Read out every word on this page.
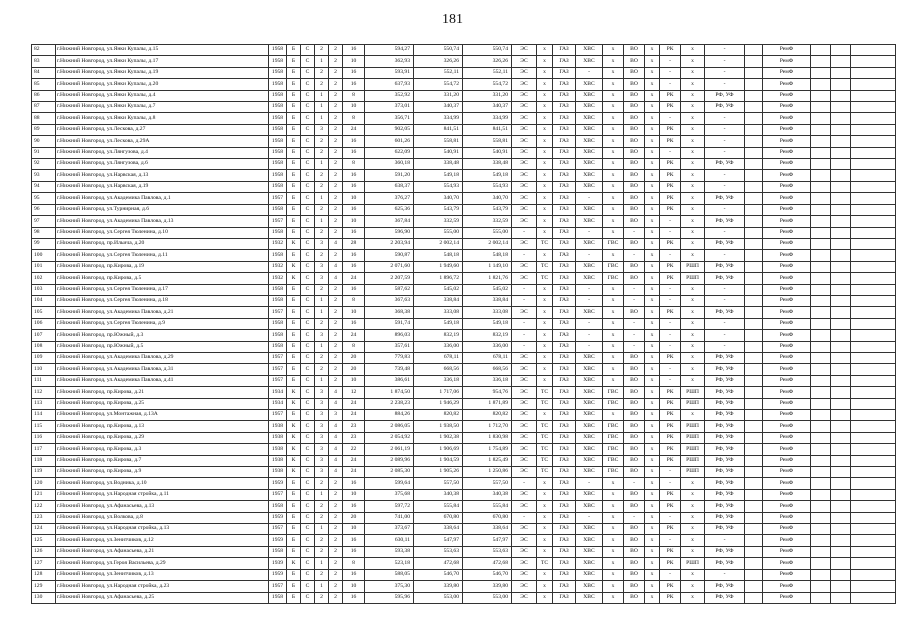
181
82	г.Нижний Новгород, ул.Янки Купалы, д.15	1958	Б	С	2	2	16	594,27	550,74	550,74	ЭС	х	ГАЗ	ХВС	х	ВО	х	РК	х	-		РемФ			
83	г.Нижний Новгород, ул.Янки Купалы, д.17	1958	Б	С	1	2	10	362,93	326,26	326,26	ЭС	х	ГАЗ	ХВС	х	ВО	х	-	х	-		РемФ			
84	г.Нижний Новгород, ул.Янки Купалы, д.19	1958	Б	С	2	2	16	593,91	552,11	552,11	ЭС	х	ГАЗ	-	х	ВО	х	-	х	-		РемФ			
85	г.Нижний Новгород, ул.Янки Купалы, д.20	1958	Б	С	2	2	16	637,93	554,72	554,72	ЭС	х	ГАЗ	ХВС	х	ВО	х	-	х	-		РемФ			
86	г.Нижний Новгород, ул.Янки Купалы, д.4	1958	Б	С	1	2	8	352,92	331,20	331,20	ЭС	х	ГАЗ	ХВС	х	ВО	х	РК	х	РФ, УФ		РемФ			
87	г.Нижний Новгород, ул.Янки Купалы, д.7	1958	Б	С	1	2	10	373,01	340,37	340,37	ЭС	х	ГАЗ	ХВС	х	ВО	х	РК	х	РФ, УФ		РемФ			
88	г.Нижний Новгород, ул.Янки Купалы, д.8	1958	Б	С	1	2	8	356,71	334,99	334,99	ЭС	х	ГАЗ	ХВС	х	ВО	х	-	х	-		РемФ			
89	г.Нижний Новгород, ул.Лескова, д.27	1958	Б	С	3	2	24	902,05	841,51	841,51	ЭС	х	ГАЗ	ХВС	х	ВО	х	РК	х	-		РемФ			
90	г.Нижний Новгород, ул.Лескова, д.29А	1958	Б	С	2	2	16	601,26	558,81	558,81	ЭС	х	ГАЗ	ХВС	х	ВО	х	РК	х	-		РемФ			
91	г.Нижний Новгород, ул.Лянгузова, д.4	1958	Б	С	2	2	16	622,09	540,91	540,91	ЭС	х	ГАЗ	ХВС	х	ВО	х	-	х	-		РемФ			
92	г.Нижний Новгород, ул.Лянгузова, д.6	1958	Б	С	1	2	8	360,18	338,48	338,48	ЭС	х	ГАЗ	ХВС	х	ВО	х	РК	х	РФ, УФ		РемФ			
93	г.Нижний Новгород, ул.Нарвская, д.13	1958	Б	С	2	2	16	591,20	549,18	549,18	ЭС	х	ГАЗ	ХВС	х	ВО	х	РК	х	-		РемФ			
94	г.Нижний Новгород, ул.Нарвская, д.19	1958	Б	С	2	2	16	638,37	554,93	554,93	ЭС	х	ГАЗ	ХВС	х	ВО	х	РК	х	-		РемФ			
95	г.Нижний Новгород, ул.Академика Павлова, д.1	1957	Б	С	1	2	10	376,27	340,70	340,70	ЭС	х	ГАЗ	-	х	ВО	х	РК	х	РФ, УФ		РемФ			
96	г.Нижний Новгород, ул.Турнирная, д.6	1958	Б	С	2	2	16	625,36	543,79	543,79	ЭС	х	ГАЗ	ХВС	х	ВО	х	РК	х	-		РемФ			
97	г.Нижний Новгород, ул.Академика Павлова, д.13	1957	Б	С	1	2	10	367,84	332,59	332,59	ЭС	х	ГАЗ	ХВС	х	ВО	х	-	х	РФ, УФ		РемФ			
98	г.Нижний Новгород, ул.Сергея Тюленина, д.10	1958	Б	С	2	2	16	596,90	555,00	555,00	-	х	ГАЗ	-	х	-	х	-	х	-		РемФ			
99	г.Нижний Новгород, пр.Ильича, д.20	1932	К	С	3	4	28	2 203,94	2 002,14	2 002,14	ЭС	ТС	ГАЗ	ХВС	ГВС	ВО	х	РК	х	РФ, УФ		РемФ			
100	г.Нижний Новгород, ул.Сергея Тюленина, д.11	1958	Б	С	2	2	16	590,87	548,18	548,18	-	х	ГАЗ	-	х	-	х	-	х	-		РемФ			
101	г.Нижний Новгород, пр.Кирова, д.19	1932	К	С	3	4	16	2 071,60	1 949,60	1 149,10	ЭС	ТС	ГАЗ	ХВС	ГВС	ВО	х	РК	РШП	РФ, УФ		РемФ			
102	г.Нижний Новгород, пр.Кирова, д.5	1932	К	С	3	4	24	2 207,59	1 896,72	1 821,76	ЭС	ТС	ГАЗ	ХВС	ГВС	ВО	х	РК	РШП	РФ, УФ		РемФ			
103	г.Нижний Новгород, ул.Сергея Тюленина, д.17	1958	Б	С	2	2	16	587,62	545,02	545,02	-	х	ГАЗ	-	х	-	х	-	х	-		РемФ			
104	г.Нижний Новгород, ул.Сергея Тюленина, д.18	1958	Б	С	1	2	8	367,63	338,84	338,84	-	х	ГАЗ	-	х	-	х	-	х	-		РемФ			
105	г.Нижний Новгород, ул.Академика Павлова, д.21	1957	Б	С	1	2	10	368,38	333,08	333,08	ЭС	х	ГАЗ	ХВС	х	ВО	х	РК	х	РФ, УФ		РемФ			
106	г.Нижний Новгород, ул.Сергея Тюленина, д.9	1958	Б	С	2	2	16	591,74	549,18	549,18	-	х	ГАЗ	-	х	-	х	-	х	-		РемФ			
107	г.Нижний Новгород, пр.Южный, д.3	1958	Б	С	3	2	24	896,03	832,19	832,19	-	х	ГАЗ	-	х	-	х	-	х	-		РемФ			
108	г.Нижний Новгород, пр.Южный, д.5	1958	Б	С	1	2	8	357,61	336,00	336,00	-	х	ГАЗ	-	х	-	х	-	х	-		РемФ			
109	г.Нижний Новгород, ул.Академика Павлова, д.29	1957	Б	С	2	2	20	779,83	678,11	678,11	ЭС	х	ГАЗ	ХВС	х	ВО	х	РК	х	РФ, УФ		РемФ			
110	г.Нижний Новгород, ул.Академика Павлова, д.31	1957	Б	С	2	2	20	739,48	668,56	668,56	ЭС	х	ГАЗ	ХВС	х	ВО	х	-	х	РФ, УФ		РемФ			
111	г.Нижний Новгород, ул.Академика Павлова, д.41	1957	Б	С	1	2	10	386,61	336,18	336,18	ЭС	х	ГАЗ	ХВС	х	ВО	х	-	х	РФ, УФ		РемФ			
112	г.Нижний Новгород, пр.Кирова, д.21	1934	К	С	3	4	12	1 874,50	1 717,06	954,76	ЭС	ТС	ГАЗ	ХВС	ГВС	ВО	х	РК	РШП	РФ, УФ		РемФ			
113	г.Нижний Новгород, пр.Кирова, д.25	1934	К	С	3	4	24	2 238,23	1 946,29	1 871,89	ЭС	ТС	ГАЗ	ХВС	ГВС	ВО	х	РК	РШП	РФ, УФ		РемФ			
114	г.Нижний Новгород, ул.Монтажная, д.13А	1957	Б	С	3	3	24	884,26	820,82	820,82	ЭС	х	ГАЗ	ХВС	х	ВО	х	РК	х	РФ, УФ		РемФ			
115	г.Нижний Новгород, пр.Кирова, д.13	1938	К	С	3	4	23	2 086,05	1 938,50	1 712,70	ЭС	ТС	ГАЗ	ХВС	ГВС	ВО	х	РК	РШП	РФ, УФ		РемФ			
116	г.Нижний Новгород, пр.Кирова, д.29	1938	К	С	3	4	23	2 054,92	1 902,38	1 830,98	ЭС	ТС	ГАЗ	ХВС	ГВС	ВО	х	РК	РШП	РФ, УФ		РемФ			
117	г.Нижний Новгород, пр.Кирова, д.3	1938	К	С	3	4	22	2 061,19	1 906,69	1 754,89	ЭС	ТС	ГАЗ	ХВС	ГВС	ВО	х	РК	РШП	РФ, УФ		РемФ			
118	г.Нижний Новгород, пр.Кирова, д.7	1938	К	С	3	4	24	2 089,96	1 904,59	1 825,49	ЭС	ТС	ГАЗ	ХВС	ГВС	ВО	х	РК	РШП	РФ, УФ		РемФ			
119	г.Нижний Новгород, пр.Кирова, д.9	1938	К	С	3	4	24	2 085,30	1 905,26	1 250,86	ЭС	ТС	ГАЗ	ХВС	ГВС	ВО	х	-	РШП	РФ, УФ		РемФ			
120	г.Нижний Новгород, ул.Водника, д.10	1959	Б	С	2	2	16	599,64	557,50	557,50	-	х	ГАЗ	-	х	-	х	-	х	РФ, УФ		РемФ			
121	г.Нижний Новгород, ул.Народная стройка, д.11	1957	Б	С	1	2	10	375,68	340,38	340,38	ЭС	х	ГАЗ	ХВС	х	ВО	х	РК	х	РФ, УФ		РемФ			
122	г.Нижний Новгород, ул.Афанасьева, д.13	1958	Б	С	2	2	16	597,72	555,84	555,84	ЭС	х	ГАЗ	ХВС	х	ВО	х	РК	х	РФ, УФ		РемФ			
123	г.Нижний Новгород, ул.Волкова, д.8	1959	Б	С	2	2	20	741,00	670,80	670,80	-	х	ГАЗ	-	х	-	х	-	х	РФ, УФ		РемФ			
124	г.Нижний Новгород, ул.Народная стройка, д.13	1957	Б	С	1	2	10	373,67	338,64	338,64	ЭС	х	ГАЗ	ХВС	х	ВО	х	РК	х	РФ, УФ		РемФ			
125	г.Нижний Новгород, ул.Зенитчиков, д.12	1959	Б	С	2	2	16	630,11	547,97	547,97	ЭС	х	ГАЗ	ХВС	х	ВО	х	-	х	-		РемФ			
126	г.Нижний Новгород, ул.Афанасьева, д.21	1958	Б	С	2	2	16	593,38	553,63	553,63	ЭС	х	ГАЗ	ХВС	х	ВО	х	РК	х	РФ, УФ		РемФ			
127	г.Нижний Новгород, ул.Героя Васильева, д.29	1939	К	С	1	2	8	523,18	472,68	472,68	ЭС	ТС	ГАЗ	ХВС	х	ВО	х	РК	РШП	РФ, УФ		РемФ			
128	г.Нижний Новгород, ул.Зенитчиков, д.13	1959	Б	С	2	2	16	588,05	546,70	546,70	ЭС	х	ГАЗ	ХВС	х	ВО	х	-	х	-		РемФ			
129	г.Нижний Новгород, ул.Народная стройка, д.23	1957	Б	С	1	2	10	375,30	339,80	339,80	ЭС	х	ГАЗ	ХВС	х	ВО	х	РК	х	РФ, УФ		РемФ			
130	г.Нижний Новгород, ул.Афанасьева, д.25	1958	Б	С	2	2	16	595,96	553,00	553,00	ЭС	х	ГАЗ	ХВС	х	ВО	х	РК	х	РФ, УФ		РемФ			
